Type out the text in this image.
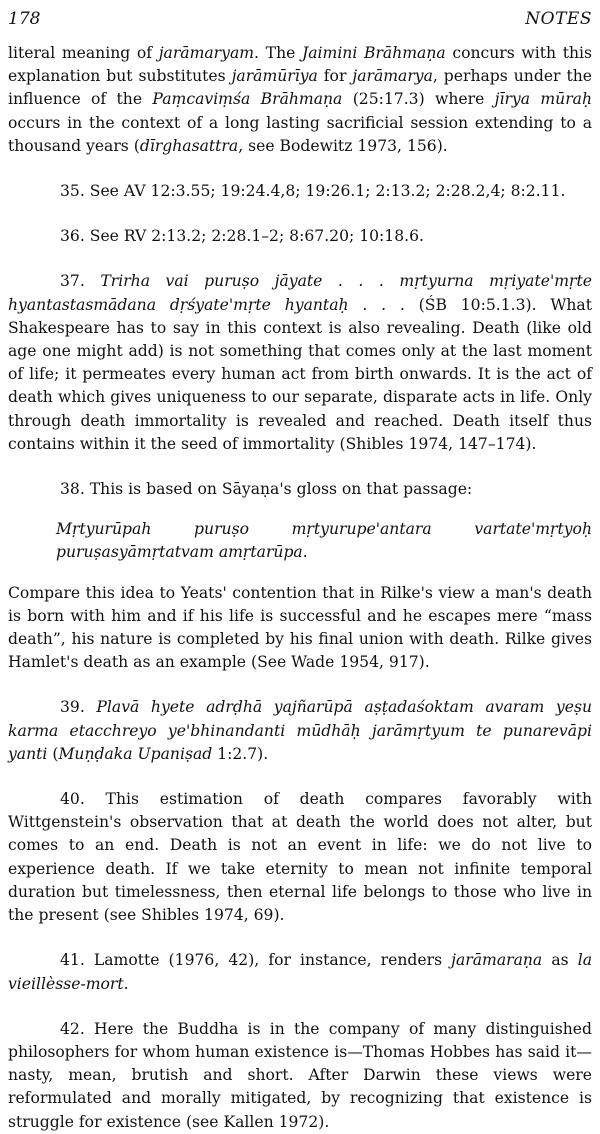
178	NOTES

literal meaning of jarāmaryam. The Jaimini Brāhmaṇa concurs with this explanation but substitutes jarāmūrīya for jarāmarya, perhaps under the influence of the Paṃcaviṃśa Brāhmaṇa (25:17.3) where jīrya mūraḥ occurs in the context of a long lasting sacrificial session extending to a thousand years (dīrghasattra, see Bodewitz 1973, 156).

35. See AV 12:3.55; 19:24.4,8; 19:26.1; 2:13.2; 2:28.2,4; 8:2.11.

36. See RV 2:13.2; 2:28.1–2; 8:67.20; 10:18.6.

37. Trirha vai puruṣo jāyate . . . mṛtyurna mṛiyate'mṛte hyantastasmādana dṛśyate'mṛte hyantaḥ . . . (ŚB 10:5.1.3). What Shakespeare has to say in this context is also revealing. Death (like old age one might add) is not something that comes only at the last moment of life; it permeates every human act from birth onwards. It is the act of death which gives uniqueness to our separate, disparate acts in life. Only through death immortality is revealed and reached. Death itself thus contains within it the seed of immortality (Shibles 1974, 147–174).

38. This is based on Sāyaṇa's gloss on that passage:

Mṛtyurūpah puruṣo mṛtyurupe'antara vartate'mṛtyoḥ puruṣasyāmṛtatvam amṛtarūpa.

Compare this idea to Yeats' contention that in Rilke's view a man's death is born with him and if his life is successful and he escapes mere “mass death”, his nature is completed by his final union with death. Rilke gives Hamlet's death as an example (See Wade 1954, 917).

39. Plavā hyete adrḍhā yajñarūpā aṣṭadaśoktam avaram yeṣu karma etacchreyo ye'bhinandanti mūdhāḥ jarāmṛtyum te punarevāpi yanti (Muṇḍaka Upaniṣad 1:2.7).

40. This estimation of death compares favorably with Wittgenstein's observation that at death the world does not alter, but comes to an end. Death is not an event in life: we do not live to experience death. If we take eternity to mean not infinite temporal duration but timelessness, then eternal life belongs to those who live in the present (see Shibles 1974, 69).

41. Lamotte (1976, 42), for instance, renders jarāmaraṇa as la vieillèsse-mort.

42. Here the Buddha is in the company of many distinguished philosophers for whom human existence is—Thomas Hobbes has said it—nasty, mean, brutish and short. After Darwin these views were reformulated and morally mitigated, by recognizing that existence is struggle for existence (see Kallen 1972).
